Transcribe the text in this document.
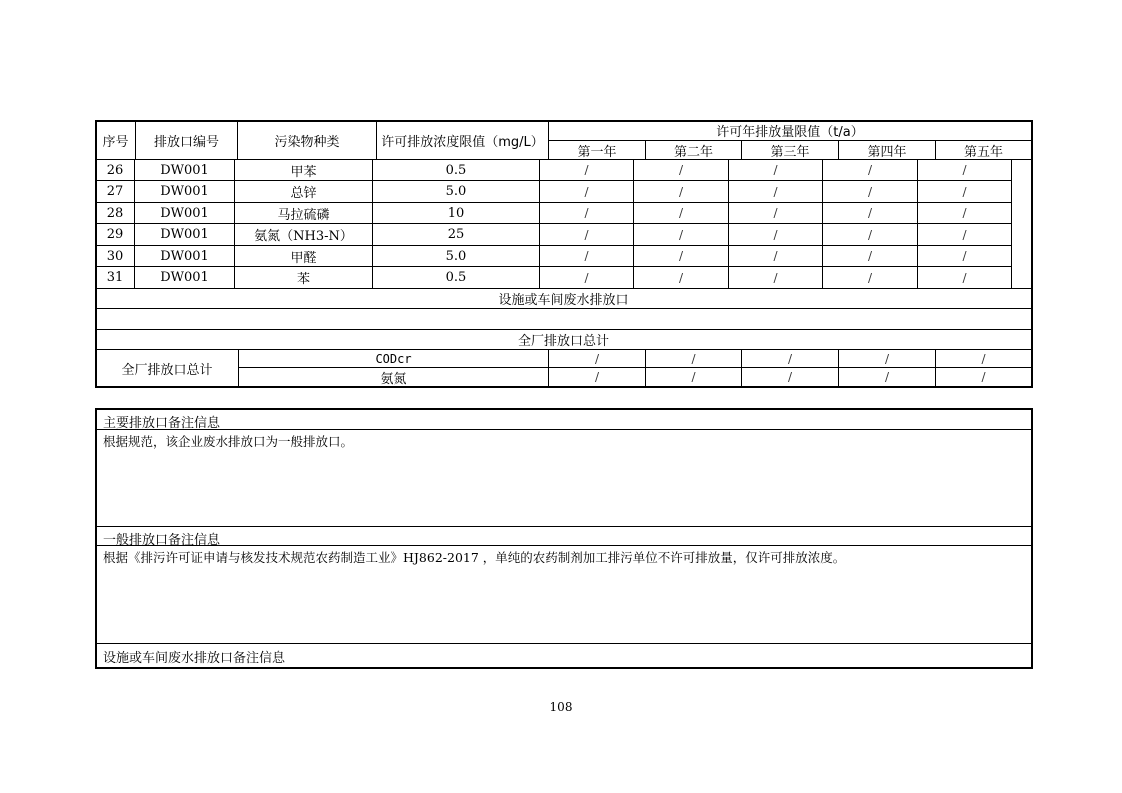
序号	排放口编号	污染物种类	许可排放浓度限值（mg/L）
许可年排放量限值（t/a）
第一年	第二年	第三年	第四年	第五年
26	DW001	甲苯	0.5	/	/	/	/	/
27	DW001	总锌	5.0	/	/	/	/	/
28	DW001	马拉硫磷	10	/	/	/	/	/
29	DW001	氨氮（NH3-N）	25	/	/	/	/	/
30	DW001	甲醛	5.0	/	/	/	/	/
31	DW001	苯	0.5	/	/	/	/	/
设施或车间废水排放口
全厂排放口总计
全厂排放口总计
CODcr	/	/	/	/	/
氨氮	/	/	/	/	/
主要排放口备注信息
根据规范，该企业废水排放口为一般排放口。
一般排放口备注信息
根据《排污许可证申请与核发技术规范农药制造工业》HJ862-2017 ，单纯的农药制剂加工排污单位不许可排放量，仅许可排放浓度。
设施或车间废水排放口备注信息
108
